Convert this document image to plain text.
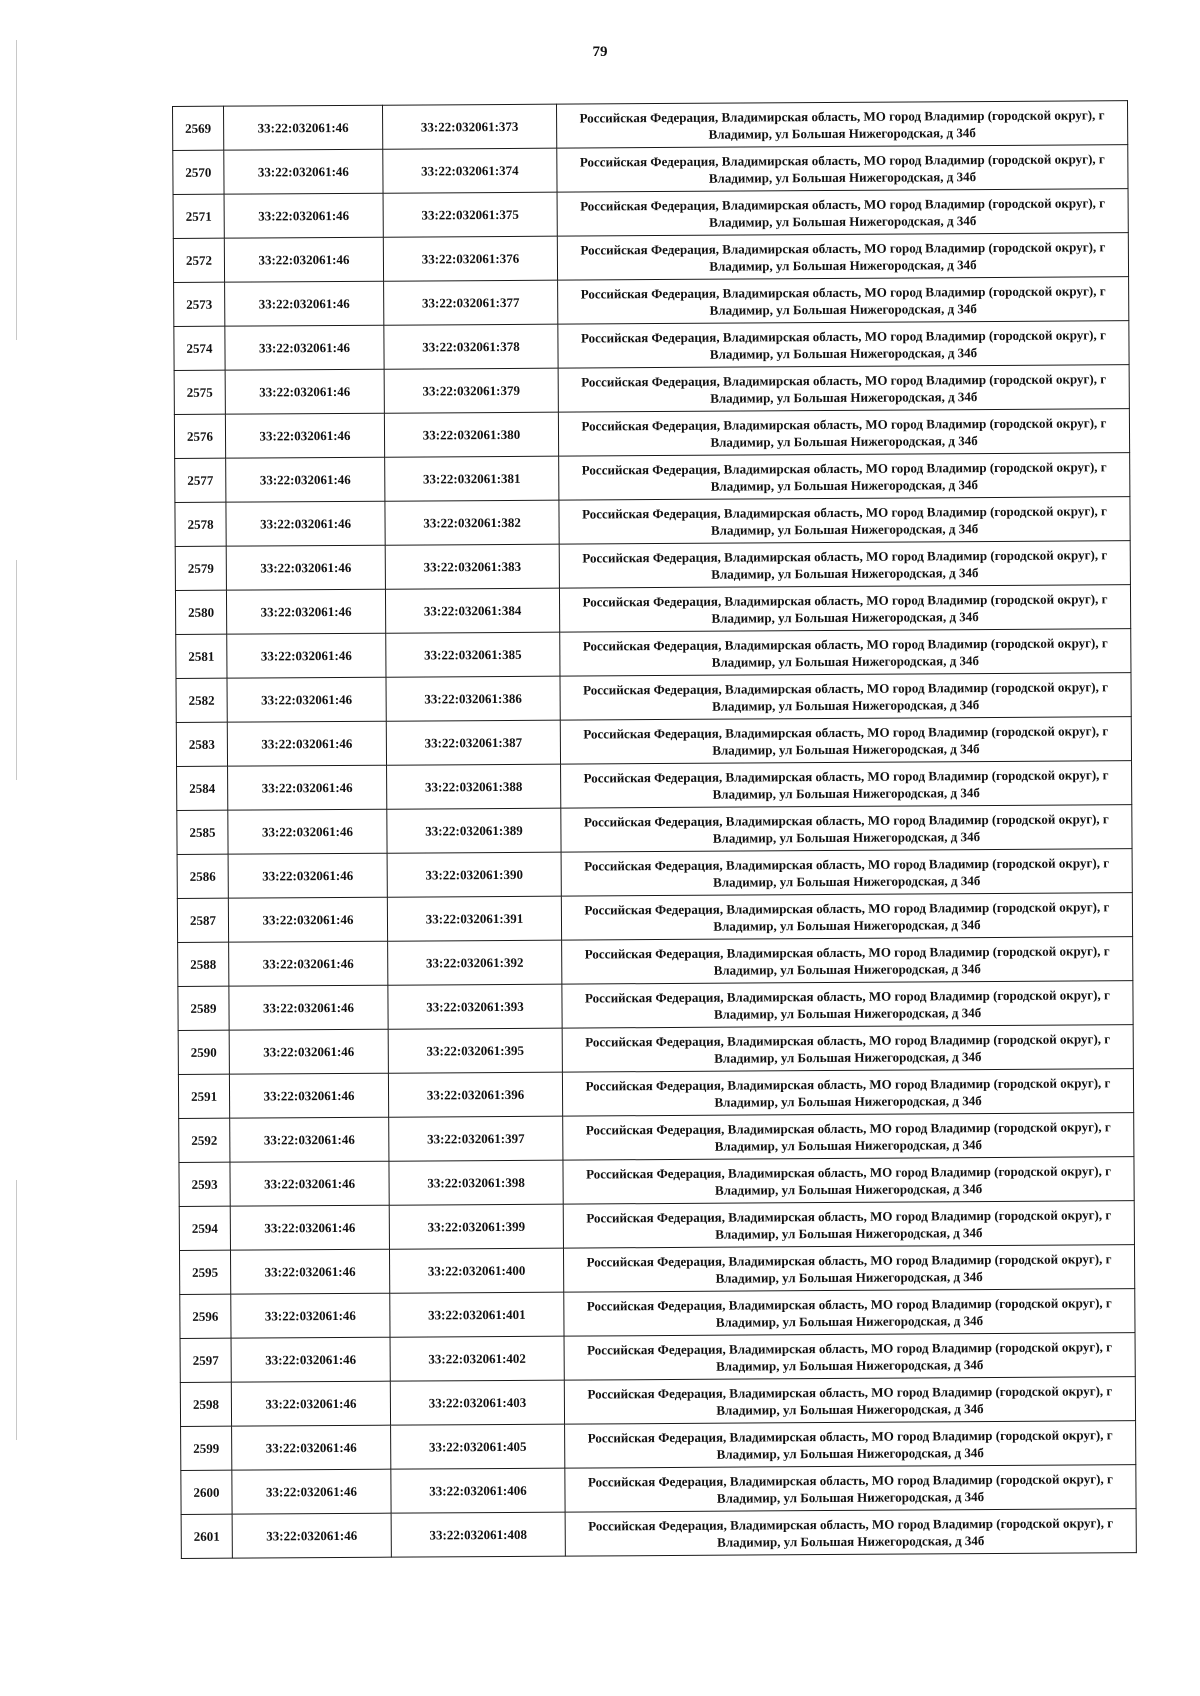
79
2569	33:22:032061:46	33:22:032061:373	Российская Федерация, Владимирская область, МО город Владимир (городской округ), г Владимир, ул Большая Нижегородская, д 34б
2570	33:22:032061:46	33:22:032061:374	Российская Федерация, Владимирская область, МО город Владимир (городской округ), г Владимир, ул Большая Нижегородская, д 34б
2571	33:22:032061:46	33:22:032061:375	Российская Федерация, Владимирская область, МО город Владимир (городской округ), г Владимир, ул Большая Нижегородская, д 34б
2572	33:22:032061:46	33:22:032061:376	Российская Федерация, Владимирская область, МО город Владимир (городской округ), г Владимир, ул Большая Нижегородская, д 34б
2573	33:22:032061:46	33:22:032061:377	Российская Федерация, Владимирская область, МО город Владимир (городской округ), г Владимир, ул Большая Нижегородская, д 34б
2574	33:22:032061:46	33:22:032061:378	Российская Федерация, Владимирская область, МО город Владимир (городской округ), г Владимир, ул Большая Нижегородская, д 34б
2575	33:22:032061:46	33:22:032061:379	Российская Федерация, Владимирская область, МО город Владимир (городской округ), г Владимир, ул Большая Нижегородская, д 34б
2576	33:22:032061:46	33:22:032061:380	Российская Федерация, Владимирская область, МО город Владимир (городской округ), г Владимир, ул Большая Нижегородская, д 34б
2577	33:22:032061:46	33:22:032061:381	Российская Федерация, Владимирская область, МО город Владимир (городской округ), г Владимир, ул Большая Нижегородская, д 34б
2578	33:22:032061:46	33:22:032061:382	Российская Федерация, Владимирская область, МО город Владимир (городской округ), г Владимир, ул Большая Нижегородская, д 34б
2579	33:22:032061:46	33:22:032061:383	Российская Федерация, Владимирская область, МО город Владимир (городской округ), г Владимир, ул Большая Нижегородская, д 34б
2580	33:22:032061:46	33:22:032061:384	Российская Федерация, Владимирская область, МО город Владимир (городской округ), г Владимир, ул Большая Нижегородская, д 34б
2581	33:22:032061:46	33:22:032061:385	Российская Федерация, Владимирская область, МО город Владимир (городской округ), г Владимир, ул Большая Нижегородская, д 34б
2582	33:22:032061:46	33:22:032061:386	Российская Федерация, Владимирская область, МО город Владимир (городской округ), г Владимир, ул Большая Нижегородская, д 34б
2583	33:22:032061:46	33:22:032061:387	Российская Федерация, Владимирская область, МО город Владимир (городской округ), г Владимир, ул Большая Нижегородская, д 34б
2584	33:22:032061:46	33:22:032061:388	Российская Федерация, Владимирская область, МО город Владимир (городской округ), г Владимир, ул Большая Нижегородская, д 34б
2585	33:22:032061:46	33:22:032061:389	Российская Федерация, Владимирская область, МО город Владимир (городской округ), г Владимир, ул Большая Нижегородская, д 34б
2586	33:22:032061:46	33:22:032061:390	Российская Федерация, Владимирская область, МО город Владимир (городской округ), г Владимир, ул Большая Нижегородская, д 34б
2587	33:22:032061:46	33:22:032061:391	Российская Федерация, Владимирская область, МО город Владимир (городской округ), г Владимир, ул Большая Нижегородская, д 34б
2588	33:22:032061:46	33:22:032061:392	Российская Федерация, Владимирская область, МО город Владимир (городской округ), г Владимир, ул Большая Нижегородская, д 34б
2589	33:22:032061:46	33:22:032061:393	Российская Федерация, Владимирская область, МО город Владимир (городской округ), г Владимир, ул Большая Нижегородская, д 34б
2590	33:22:032061:46	33:22:032061:395	Российская Федерация, Владимирская область, МО город Владимир (городской округ), г Владимир, ул Большая Нижегородская, д 34б
2591	33:22:032061:46	33:22:032061:396	Российская Федерация, Владимирская область, МО город Владимир (городской округ), г Владимир, ул Большая Нижегородская, д 34б
2592	33:22:032061:46	33:22:032061:397	Российская Федерация, Владимирская область, МО город Владимир (городской округ), г Владимир, ул Большая Нижегородская, д 34б
2593	33:22:032061:46	33:22:032061:398	Российская Федерация, Владимирская область, МО город Владимир (городской округ), г Владимир, ул Большая Нижегородская, д 34б
2594	33:22:032061:46	33:22:032061:399	Российская Федерация, Владимирская область, МО город Владимир (городской округ), г Владимир, ул Большая Нижегородская, д 34б
2595	33:22:032061:46	33:22:032061:400	Российская Федерация, Владимирская область, МО город Владимир (городской округ), г Владимир, ул Большая Нижегородская, д 34б
2596	33:22:032061:46	33:22:032061:401	Российская Федерация, Владимирская область, МО город Владимир (городской округ), г Владимир, ул Большая Нижегородская, д 34б
2597	33:22:032061:46	33:22:032061:402	Российская Федерация, Владимирская область, МО город Владимир (городской округ), г Владимир, ул Большая Нижегородская, д 34б
2598	33:22:032061:46	33:22:032061:403	Российская Федерация, Владимирская область, МО город Владимир (городской округ), г Владимир, ул Большая Нижегородская, д 34б
2599	33:22:032061:46	33:22:032061:405	Российская Федерация, Владимирская область, МО город Владимир (городской округ), г Владимир, ул Большая Нижегородская, д 34б
2600	33:22:032061:46	33:22:032061:406	Российская Федерация, Владимирская область, МО город Владимир (городской округ), г Владимир, ул Большая Нижегородская, д 34б
2601	33:22:032061:46	33:22:032061:408	Российская Федерация, Владимирская область, МО город Владимир (городской округ), г Владимир, ул Большая Нижегородская, д 34б
